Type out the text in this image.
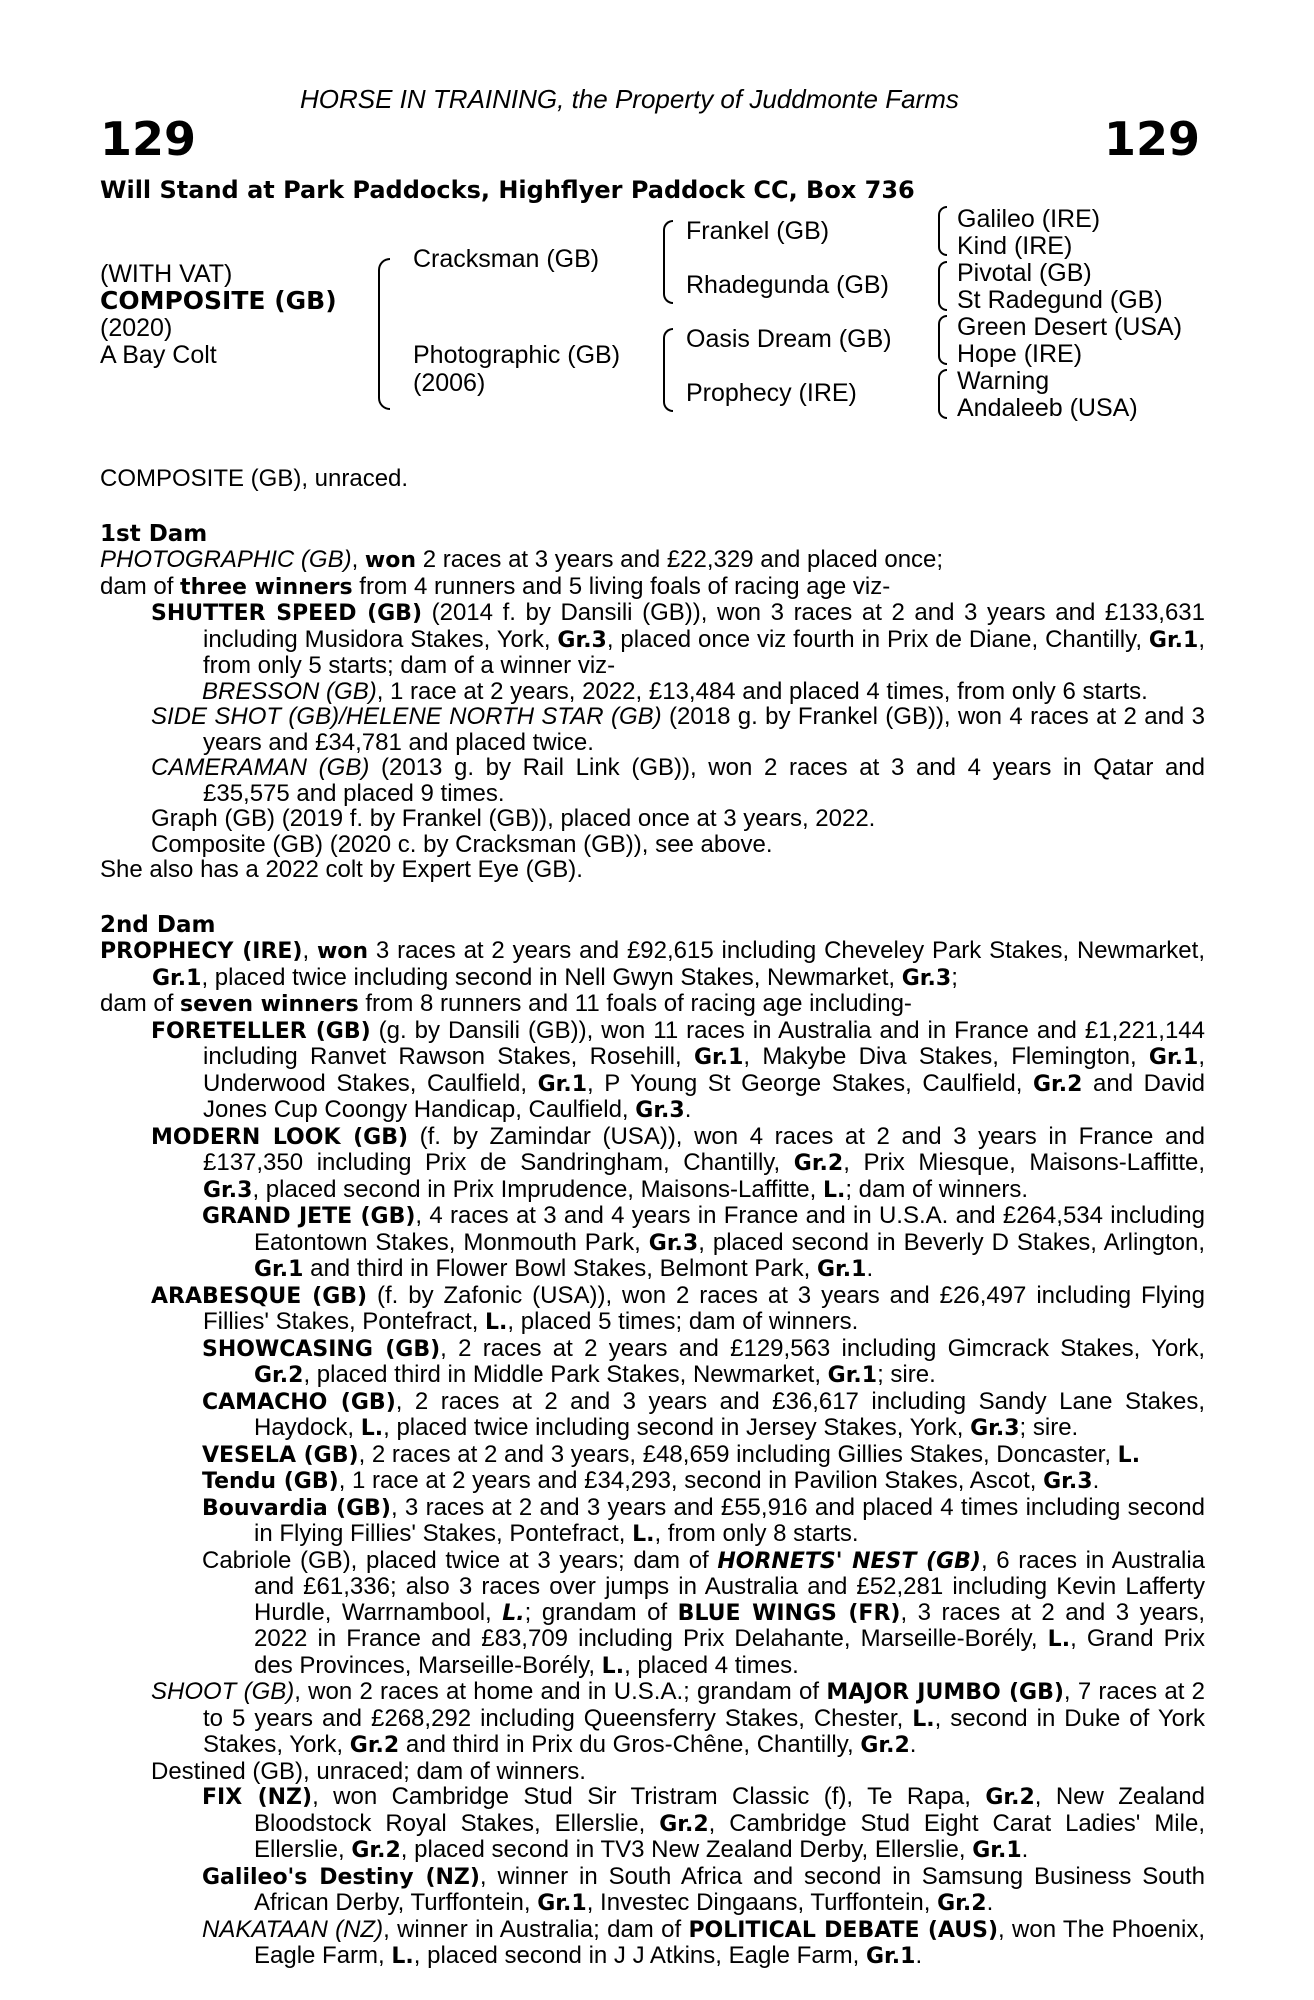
HORSE IN TRAINING, the Property of Juddmonte Farms
129	129
Will Stand at Park Paddocks, Highflyer Paddock CC, Box 736
(WITH VAT)
COMPOSITE (GB)
(2020)
A Bay Colt
Cracksman (GB)
Photographic (GB)
(2006)
Frankel (GB)
Rhadegunda (GB)
Oasis Dream (GB)
Prophecy (IRE)
Galileo (IRE)
Kind (IRE)
Pivotal (GB)
St Radegund (GB)
Green Desert (USA)
Hope (IRE)
Warning
Andaleeb (USA)

COMPOSITE (GB), unraced.

1st Dam

PHOTOGRAPHIC (GB), won 2 races at 3 years and £22,329 and placed once;

dam of three winners from 4 runners and 5 living foals of racing age viz-

SHUTTER SPEED (GB) (2014 f. by Dansili (GB)), won 3 races at 2 and 3 years and £133,631 including Musidora Stakes, York, Gr.3, placed once viz fourth in Prix de Diane, Chantilly, Gr.1, from only 5 starts; dam of a winner viz-

BRESSON (GB), 1 race at 2 years, 2022, £13,484 and placed 4 times, from only 6 starts.

SIDE SHOT (GB)/HELENE NORTH STAR (GB) (2018 g. by Frankel (GB)), won 4 races at 2 and 3 years and £34,781 and placed twice.

CAMERAMAN (GB) (2013 g. by Rail Link (GB)), won 2 races at 3 and 4 years in Qatar and £35,575 and placed 9 times.

Graph (GB) (2019 f. by Frankel (GB)), placed once at 3 years, 2022.

Composite (GB) (2020 c. by Cracksman (GB)), see above.

She also has a 2022 colt by Expert Eye (GB).

2nd Dam

PROPHECY (IRE), won 3 races at 2 years and £92,615 including Cheveley Park Stakes, Newmarket, Gr.1, placed twice including second in Nell Gwyn Stakes, Newmarket, Gr.3;

dam of seven winners from 8 runners and 11 foals of racing age including-

FORETELLER (GB) (g. by Dansili (GB)), won 11 races in Australia and in France and £1,221,144 including Ranvet Rawson Stakes, Rosehill, Gr.1, Makybe Diva Stakes, Flemington, Gr.1, Underwood Stakes, Caulfield, Gr.1, P Young St George Stakes, Caulfield, Gr.2 and David Jones Cup Coongy Handicap, Caulfield, Gr.3.

MODERN LOOK (GB) (f. by Zamindar (USA)), won 4 races at 2 and 3 years in France and £137,350 including Prix de Sandringham, Chantilly, Gr.2, Prix Miesque, Maisons-Laffitte, Gr.3, placed second in Prix Imprudence, Maisons-Laffitte, L.; dam of winners.

GRAND JETE (GB), 4 races at 3 and 4 years in France and in U.S.A. and £264,534 including Eatontown Stakes, Monmouth Park, Gr.3, placed second in Beverly D Stakes, Arlington, Gr.1 and third in Flower Bowl Stakes, Belmont Park, Gr.1.

ARABESQUE (GB) (f. by Zafonic (USA)), won 2 races at 3 years and £26,497 including Flying Fillies' Stakes, Pontefract, L., placed 5 times; dam of winners.

SHOWCASING (GB), 2 races at 2 years and £129,563 including Gimcrack Stakes, York, Gr.2, placed third in Middle Park Stakes, Newmarket, Gr.1; sire.

CAMACHO (GB), 2 races at 2 and 3 years and £36,617 including Sandy Lane Stakes, Haydock, L., placed twice including second in Jersey Stakes, York, Gr.3; sire.

VESELA (GB), 2 races at 2 and 3 years, £48,659 including Gillies Stakes, Doncaster, L.

Tendu (GB), 1 race at 2 years and £34,293, second in Pavilion Stakes, Ascot, Gr.3.

Bouvardia (GB), 3 races at 2 and 3 years and £55,916 and placed 4 times including second in Flying Fillies' Stakes, Pontefract, L., from only 8 starts.

Cabriole (GB), placed twice at 3 years; dam of HORNETS' NEST (GB), 6 races in Australia and £61,336; also 3 races over jumps in Australia and £52,281 including Kevin Lafferty Hurdle, Warrnambool, L.; grandam of BLUE WINGS (FR), 3 races at 2 and 3 years, 2022 in France and £83,709 including Prix Delahante, Marseille-Borély, L., Grand Prix des Provinces, Marseille-Borély, L., placed 4 times.

SHOOT (GB), won 2 races at home and in U.S.A.; grandam of MAJOR JUMBO (GB), 7 races at 2 to 5 years and £268,292 including Queensferry Stakes, Chester, L., second in Duke of York Stakes, York, Gr.2 and third in Prix du Gros-Chêne, Chantilly, Gr.2.

Destined (GB), unraced; dam of winners.

FIX (NZ), won Cambridge Stud Sir Tristram Classic (f), Te Rapa, Gr.2, New Zealand Bloodstock Royal Stakes, Ellerslie, Gr.2, Cambridge Stud Eight Carat Ladies' Mile, Ellerslie, Gr.2, placed second in TV3 New Zealand Derby, Ellerslie, Gr.1.

Galileo's Destiny (NZ), winner in South Africa and second in Samsung Business South African Derby, Turffontein, Gr.1, Investec Dingaans, Turffontein, Gr.2.

NAKATAAN (NZ), winner in Australia; dam of POLITICAL DEBATE (AUS), won The Phoenix, Eagle Farm, L., placed second in J J Atkins, Eagle Farm, Gr.1.
